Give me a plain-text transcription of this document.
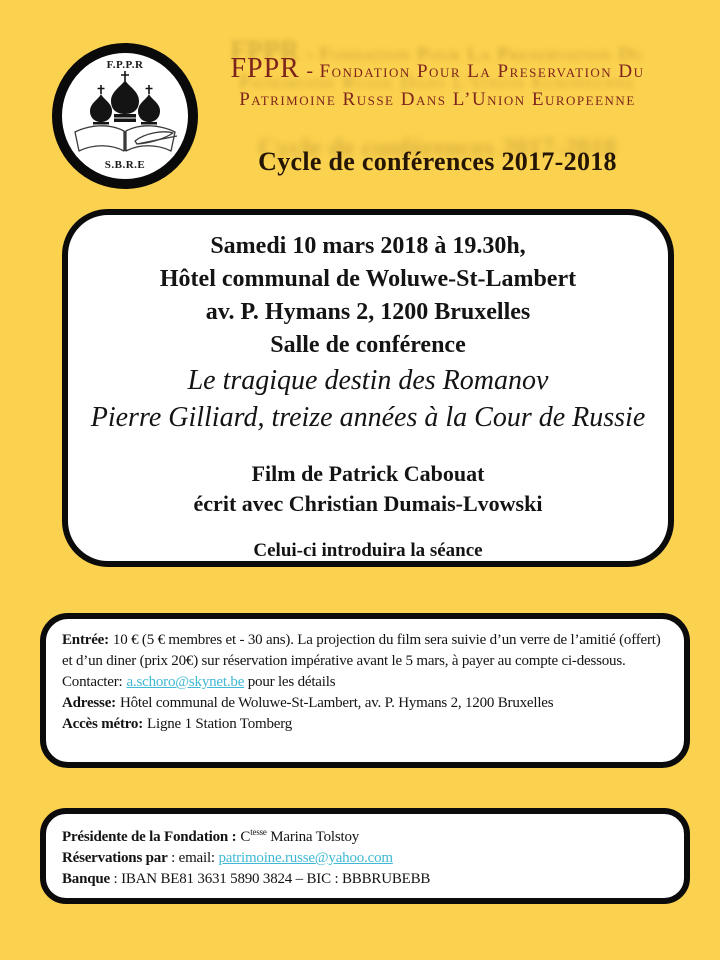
F.P.P.R
S.B.R.E
FPPR - Fondation Pour La Preservation Du
Patrimoine Russe Dans L’Union Europeenne
Cycle de conférences 2017-2018
Samedi 10 mars 2018 à 19.30h,
Hôtel communal de Woluwe-St-Lambert
av. P. Hymans 2, 1200 Bruxelles
Salle de conférence
Le tragique destin des Romanov
Pierre Gilliard, treize années à la Cour de Russie
Film de Patrick Cabouat
écrit avec Christian Dumais-Lvowski
Celui-ci introduira la séance

Entrée: 10 € (5 € membres et - 30 ans). La projection du film sera suivie d’un verre de l’amitié (offert) et d’un diner (prix 20€) sur réservation impérative avant le 5 mars, à payer au compte ci-dessous.

Contacter: a.schoro@skynet.be pour les détails

Adresse: Hôtel communal de Woluwe-St-Lambert, av. P. Hymans 2, 1200 Bruxelles

Accès métro: Ligne 1 Station Tomberg

Présidente de la Fondation : $C^{tesse}$ Marina Tolstoy

Réservations par : email: patrimoine.russe@yahoo.com

Banque : IBAN BE81 3631 5890 3824 – BIC : BBBRUBEBB
